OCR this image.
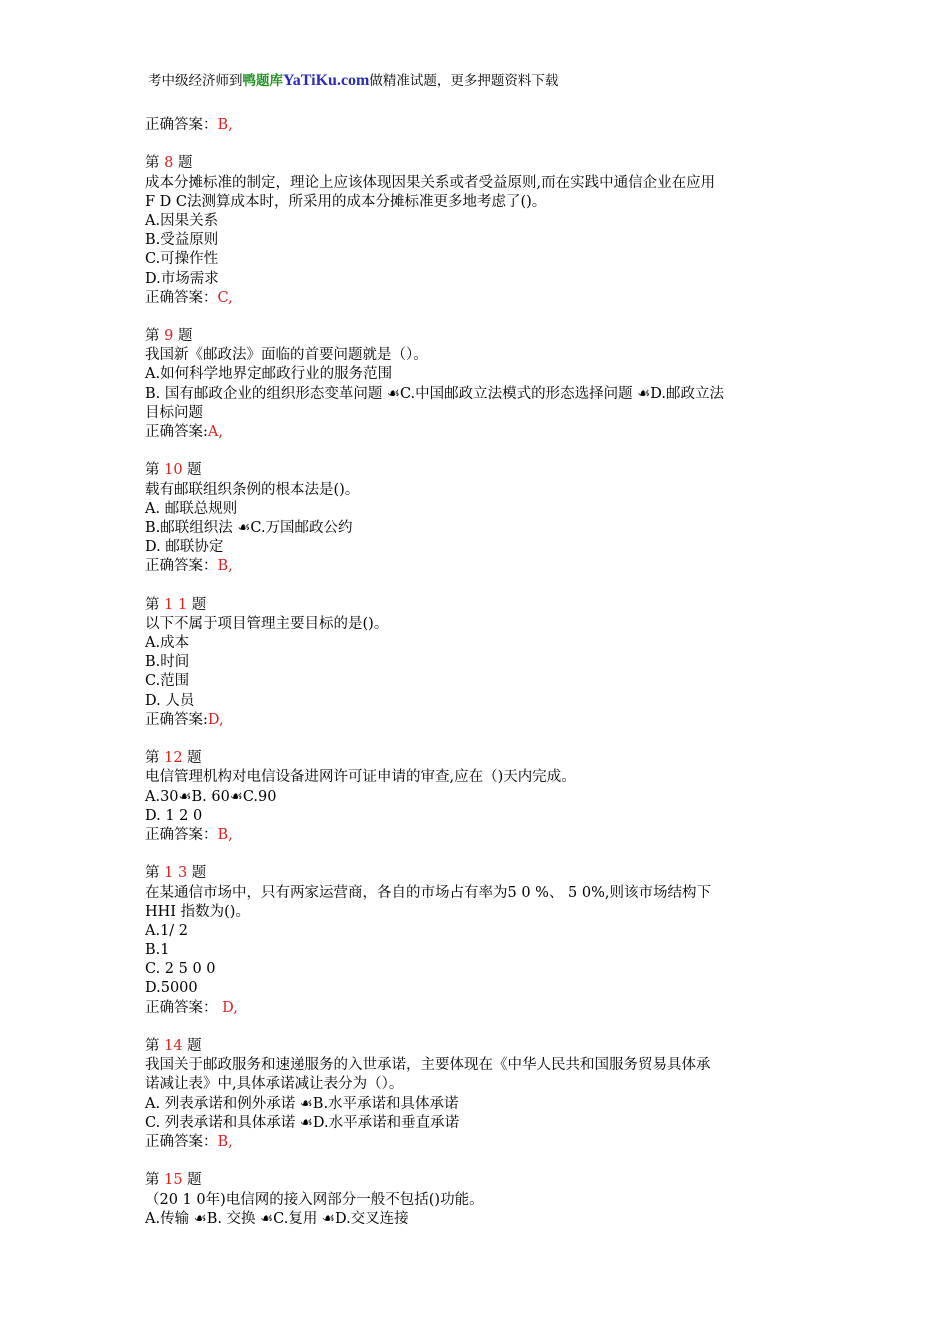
考中级经济师到鸭题库YaTiKu.com做精准试题，更多押题资料下载
正确答案：B,
第 8 题
成本分摊标准的制定，理论上应该体现因果关系或者受益原则,而在实践中通信企业在应用
F D C法测算成本时，所采用的成本分摊标准更多地考虑了()。
A.因果关系
B.受益原则
C.可操作性
D.市场需求
正确答案：C,
第 9 题
我国新《邮政法》面临的首要问题就是（）。
A.如何科学地界定邮政行业的服务范围
B. 国有邮政企业的组织形态变革问题 ☙C.中国邮政立法模式的形态选择问题 ☙D.邮政立法
目标问题
正确答案:A,
第 10 题
载有邮联组织条例的根本法是()。
A. 邮联总规则
B.邮联组织法 ☙C.万国邮政公约
D. 邮联协定
正确答案：B,
第 1 1 题
以下不属于项目管理主要目标的是()。
A.成本
B.时间
C.范围
D. 人员
正确答案:D,
第 12 题
电信管理机构对电信设备进网许可证申请的审查,应在（)天内完成。
A.30☙B. 60☙C.90
D. 1 2 0
正确答案：B,
第 1 3 题
在某通信市场中，只有两家运营商，各自的市场占有率为5 0 %、 5 0%,则该市场结构下
HHI 指数为()。
A.1/ 2
B.1
C. 2 5 0 0
D.5000
正确答案： D,
第 14 题
我国关于邮政服务和速递服务的入世承诺，主要体现在《中华人民共和国服务贸易具体承
诺减让表》中,具体承诺减让表分为（）。
A. 列表承诺和例外承诺 ☙B.水平承诺和具体承诺
C. 列表承诺和具体承诺 ☙D.水平承诺和垂直承诺
正确答案：B,
第 15 题
（20 1 0年)电信网的接入网部分一般不包括()功能。
A.传输 ☙B. 交换 ☙C.复用 ☙D.交叉连接
